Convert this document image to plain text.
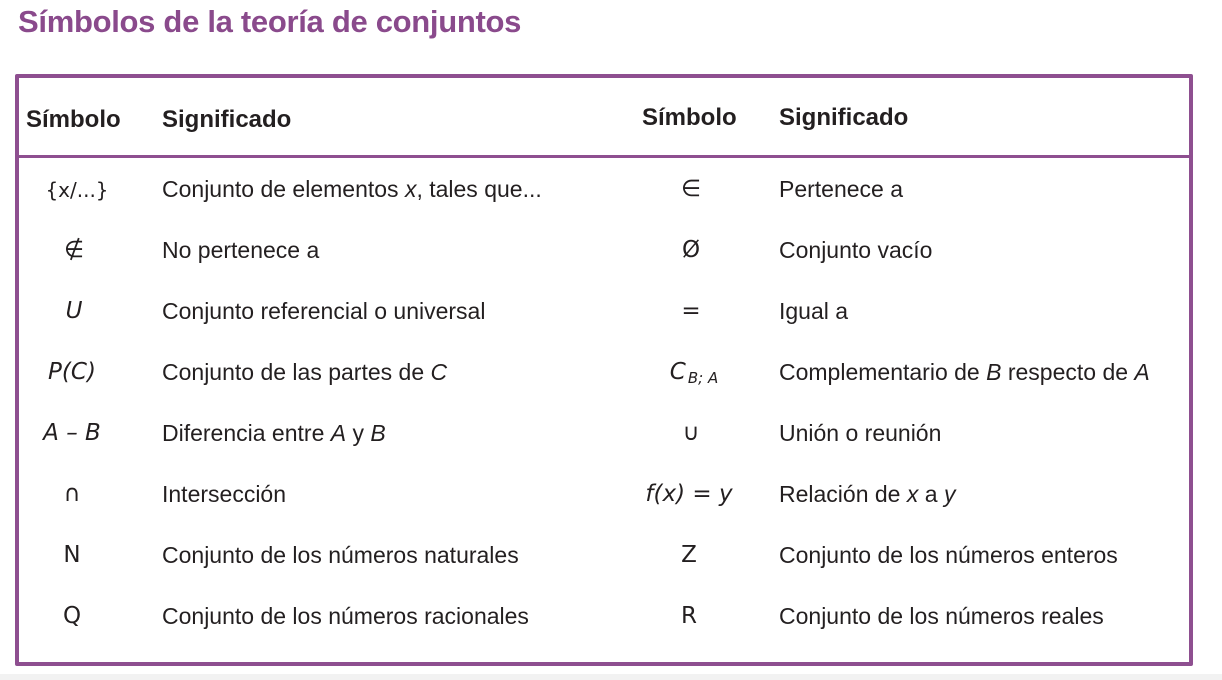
Símbolos de la teoría de conjuntos
Símbolo Significado	Símbolo Significado
{x/...}	Conjunto de elementos x, tales que...	∈	Pertenece a
∉	No pertenece a	Ø	Conjunto vacío
U	Conjunto referencial o universal	=	Igual a
P(C)	Conjunto de las partes de C	C $_{B; A}$	Complementario de B respecto de A
A – B	Diferencia entre A y B	∪	Unión o reunión
∩	Intersección	f(x) = y	Relación de x a y
N	Conjunto de los números naturales	Z	Conjunto de los números enteros
Q	Conjunto de los números racionales	R	Conjunto de los números reales
